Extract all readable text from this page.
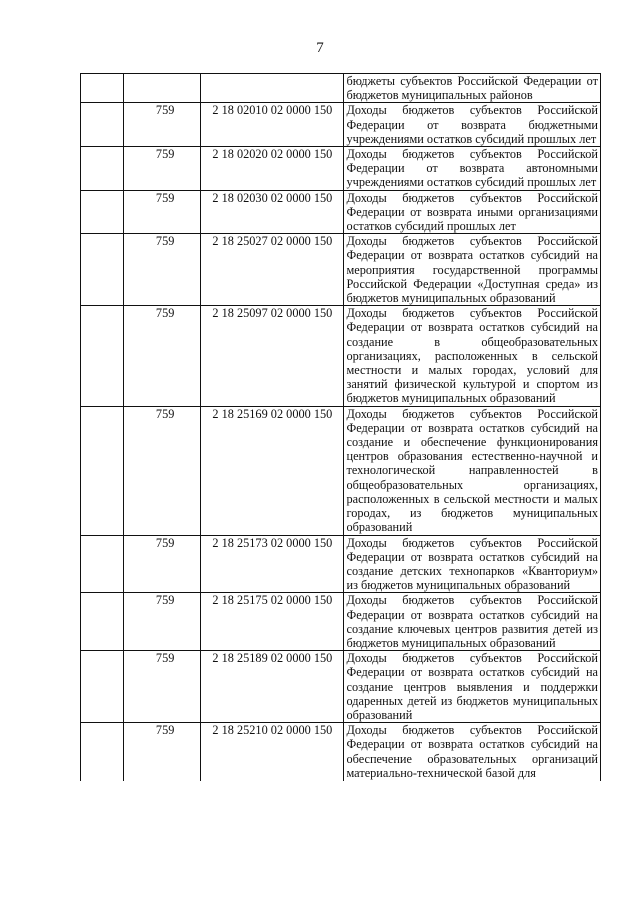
7
			бюджеты субъектов Российской Федерации от бюджетов муниципальных районов
	759	2 18 02010 02 0000 150	Доходы бюджетов субъектов Российской Федерации от возврата бюджетными учреждениями остатков субсидий прошлых лет
	759	2 18 02020 02 0000 150	Доходы бюджетов субъектов Российской Федерации от возврата автономными учреждениями остатков субсидий прошлых лет
	759	2 18 02030 02 0000 150	Доходы бюджетов субъектов Российской Федерации от возврата иными организациями остатков субсидий прошлых лет
	759	2 18 25027 02 0000 150	Доходы бюджетов субъектов Российской Федерации от возврата остатков субсидий на мероприятия государственной программы Российской Федерации «Доступная среда» из бюджетов муниципальных образований
	759	2 18 25097 02 0000 150	Доходы бюджетов субъектов Российской Федерации от возврата остатков субсидий на создание в общеобразовательных организациях, расположенных в сельской местности и малых городах, условий для занятий физической культурой и спортом из бюджетов муниципальных образований
	759	2 18 25169 02 0000 150	Доходы бюджетов субъектов Российской Федерации от возврата остатков субсидий на создание и обеспечение функционирования центров образования естественно-научной и технологической направленностей в общеобразовательных организациях, расположенных в сельской местности и малых городах, из бюджетов муниципальных образований
	759	2 18 25173 02 0000 150	Доходы бюджетов субъектов Российской Федерации от возврата остатков субсидий на создание детских технопарков «Кванториум» из бюджетов муниципальных образований
	759	2 18 25175 02 0000 150	Доходы бюджетов субъектов Российской Федерации от возврата остатков субсидий на создание ключевых центров развития детей из бюджетов муниципальных образований
	759	2 18 25189 02 0000 150	Доходы бюджетов субъектов Российской Федерации от возврата остатков субсидий на создание центров выявления и поддержки одаренных детей из бюджетов муниципальных образований
	759	2 18 25210 02 0000 150	Доходы бюджетов субъектов Российской Федерации от возврата остатков субсидий на обеспечение образовательных организаций материально-технической базой для
